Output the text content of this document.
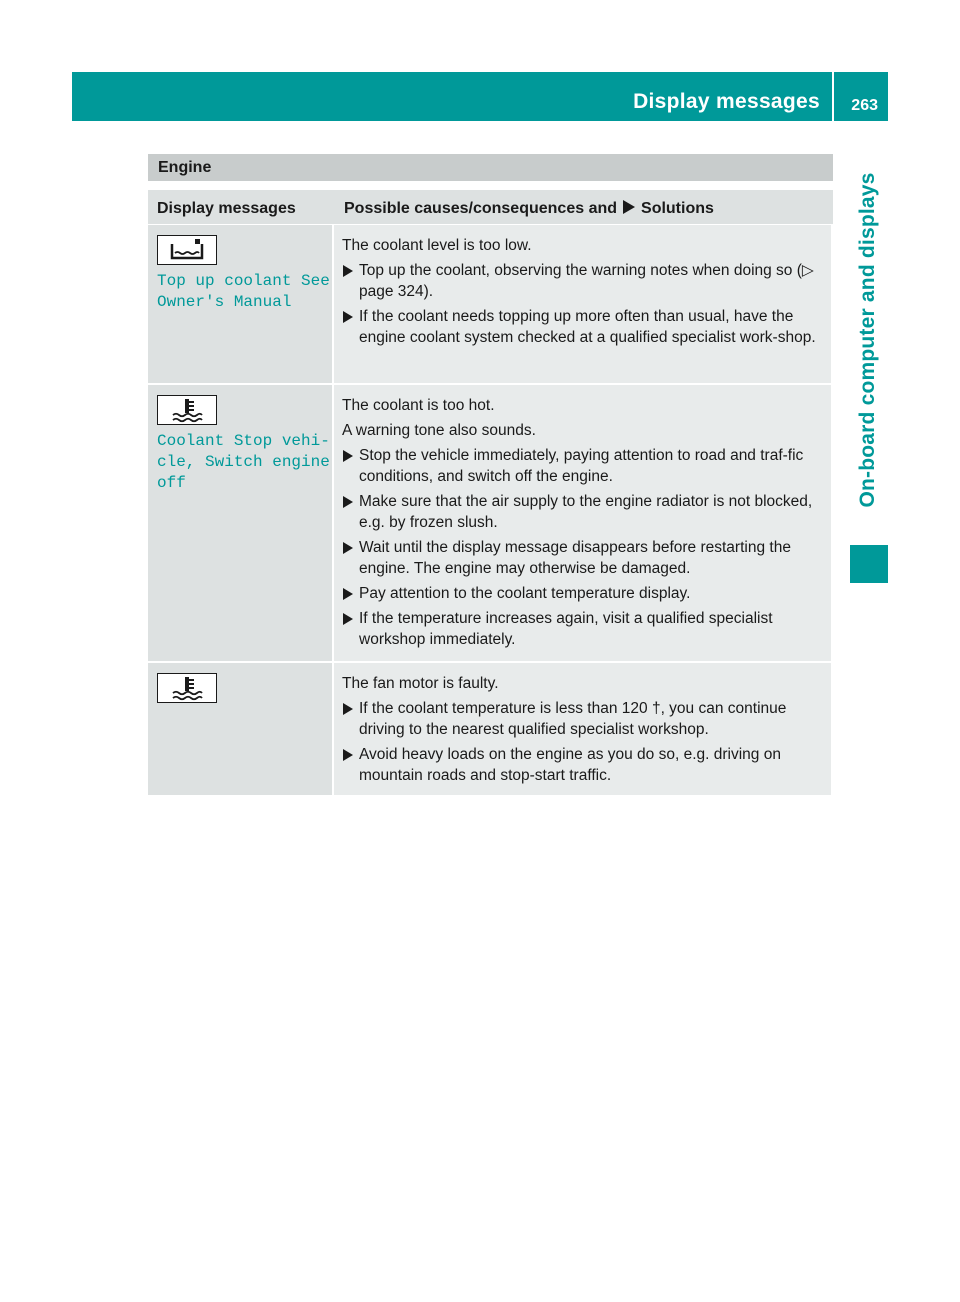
Display messages 263
On-board computer and displays
Engine
Display messages	Possible causes/consequences and Solutions
Top up coolant See
Owner's Manual

The coolant level is too low.

Top up the coolant, observing the warning notes when doing so (▷ page 324).
If the coolant needs topping up more often than usual, have the engine coolant system checked at a qualified specialist work-shop.
Coolant Stop vehi‐
cle, Switch engine
off

The coolant is too hot.

A warning tone also sounds.

Stop the vehicle immediately, paying attention to road and traf-fic conditions, and switch off the engine.
Make sure that the air supply to the engine radiator is not blocked, e.g. by frozen slush.
Wait until the display message disappears before restarting the engine. The engine may otherwise be damaged.
Pay attention to the coolant temperature display.
If the temperature increases again, visit a qualified specialist workshop immediately.

The fan motor is faulty.

If the coolant temperature is less than 120 †, you can continue driving to the nearest qualified specialist workshop.
Avoid heavy loads on the engine as you do so, e.g. driving on mountain roads and stop-start traffic.
